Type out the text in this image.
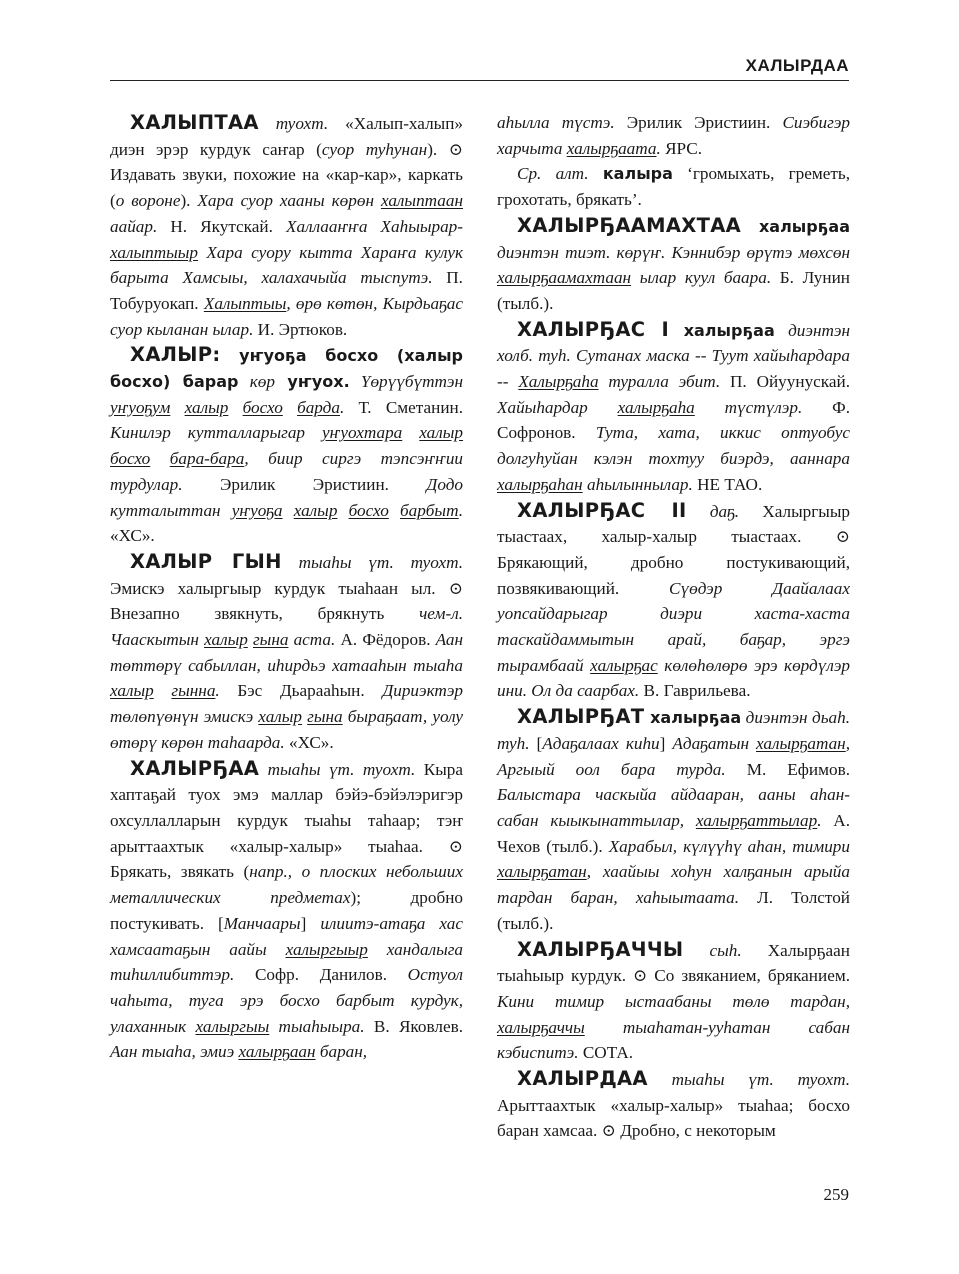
ХАЛЫРДАА

ХАЛЫПТАА туохт. «Халып-халып» диэн эрэр курдук саҥар (суор туһунан). ⊙ Издавать звуки, похожие на «кар-кар», каркать (о вороне). Хара суор хааны көрөн халыптаан аайар. Н. Якутскай. Халлааҥҥа Хаһыырар-халыптыыр Хара суору кытта Хараҥа кулук барыта Хамсыы, халахачыйа тыспутэ. П. Тобуруокап. Халыптыы, өрө көтөн, Кырдьаҕас суор кыланан ылар. И. Эртюков.

ХАЛЫР: уҥуоҕа босхо (халыр босхо) барар көр уҥуох. Үөрүүбүттэн уҥуоҕум халыр босхо барда. Т. Сметанин. Кинилэр кутталларыгар уҥуохтара халыр босхо бара-бара, биир сиргэ тэпсэҥҥии турдулар. Эрилик Эристиин. Додо кутталыттан уҥуоҕа халыр босхо барбыт. «ХС».

ХАЛЫР ГЫН тыаһы үт. туохт. Эмискэ халыргыыр курдук тыаһаан ыл. ⊙ Внезапно звякнуть, брякнуть чем-л. Чааскытын халыр гына аста. А. Фёдоров. Аан төттөрү сабыллан, иһирдьэ хатааһын тыаһа халыр гынна. Бэс Дьарааһын. Дириэктэр төлөпүөнүн эмискэ халыр гына быраҕаат, уолу өтөрү көрөн таһаарда. «ХС».

ХАЛЫРҔАА тыаһы үт. туохт. Кыра хаптаҕай туох эмэ маллар бэйэ-бэйэлэригэр охсуллалларын курдук тыаһы таһаар; тэҥ арыттаахтык «халыр-халыр» тыаһаа. ⊙ Брякать, звякать (напр., о плоских небольших металлических предметах); дробно постукивать. [Манчаары] илиитэ-атаҕа хас хамсаатаҕын аайы халыргыыр хандалыга тиһиллибиттэр. Софр. Данилов. Остуол чаһыта, туга эрэ босхо барбыт курдук, улаханнык халыргыы тыаһыыра. В. Яковлев. Аан тыаһа, эмиэ халырҕаан баран,

аһылла түстэ. Эрилик Эристиин. Сиэбигэр харчыта халырҕаата. ЯРС.

Ср. алт. калыра ‘громыхать, греметь, грохотать, брякать’.

ХАЛЫРҔААМАХТАА халырҕаа диэнтэн тиэт. көрүҥ. Кэннибэр өрүтэ мөхсөн халырҕаамахтаан ылар куул баара. Б. Лунин (тылб.).

ХАЛЫРҔАС I халырҕаа диэнтэн холб. туһ. Сутанах маска -- Туут хайыһардара -- Халырҕаһа туралла эбит. П. Ойуунускай. Хайыһардар халырҕаһа түстүлэр. Ф. Софронов. Тута, хата, иккис оптуобус долгуһуйан кэлэн тохтуу биэрдэ, ааннара халырҕаһан аһылыннылар. НЕ ТАО.

ХАЛЫРҔАС II даҕ. Халыргыыр тыастаах, халыр-халыр тыастаах. ⊙ Брякающий, дробно постукивающий, позвякивающий. Сүөдэр Даайалаах уопсайдарыгар диэри хаста-хаста таскайдаммытын арай, баҕар, эргэ тырамбаай халырҕас көлөһөлөрө эрэ көрдүлэр ини. Ол да саарбах. В. Гаврильева.

ХАЛЫРҔАТ халырҕаа диэнтэн дьаһ. туһ. [Адаҕалаах киһи] Адаҕатын халырҕатан, Аргыый оол бара турда. М. Ефимов. Балыстара часкыйа айдааран, ааны аһан-сабан кыыкынаттылар, халырҕаттылар. А. Чехов (тылб.). Харабыл, күлүүһү аһан, тимири халырҕатан, хаайыы хоһун халҕанын арыйа тардан баран, хаһыытаата. Л. Толстой (тылб.).

ХАЛЫРҔАЧЧЫ сыһ. Халырҕаан тыаһыыр курдук. ⊙ Со звяканием, бряканием. Кини тимир ыстаабаны төлө тардан, халырҕаччы тыаһатан-ууһатан сабан кэбиспитэ. СОТА.

ХАЛЫРДАА тыаһы үт. туохт. Арыттаахтык «халыр-халыр» тыаһаа; босхо баран хамсаа. ⊙ Дробно, с некоторым

259
